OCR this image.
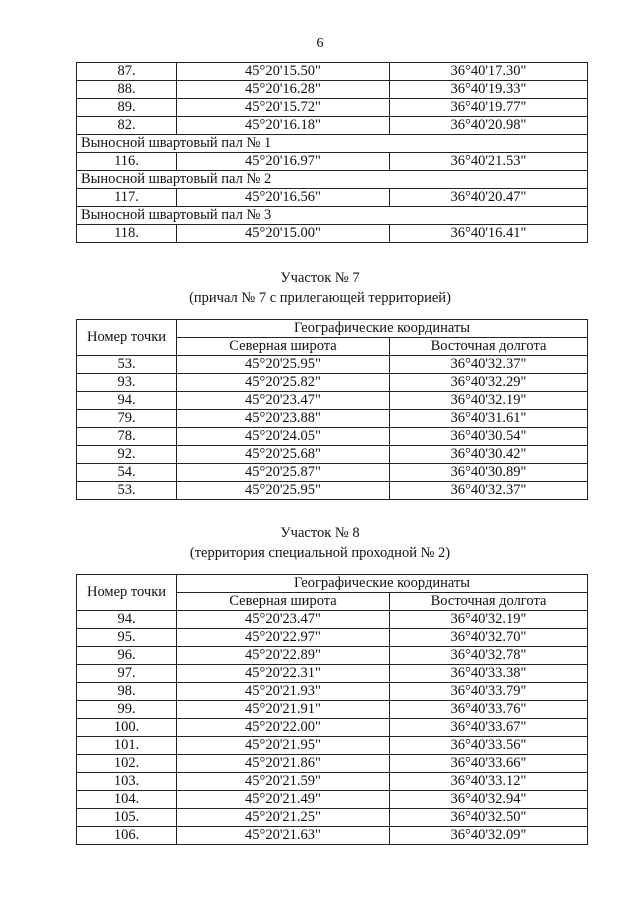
6
87.	45°20'15.50"	36°40'17.30"
88.	45°20'16.28"	36°40'19.33"
89.	45°20'15.72"	36°40'19.77"
82.	45°20'16.18"	36°40'20.98"
Выносной швартовый пал № 1		
116.	45°20'16.97"	36°40'21.53"
Выносной швартовый пал № 2		
117.	45°20'16.56"	36°40'20.47"
Выносной швартовый пал № 3		
118.	45°20'15.00"	36°40'16.41"
Участок № 7
(причал № 7 с прилегающей территорией)
Номер точки	Географические координаты	
	Северная широта	Восточная долгота
53.	45°20'25.95"	36°40'32.37"
93.	45°20'25.82"	36°40'32.29"
94.	45°20'23.47"	36°40'32.19"
79.	45°20'23.88"	36°40'31.61"
78.	45°20'24.05"	36°40'30.54"
92.	45°20'25.68"	36°40'30.42"
54.	45°20'25.87"	36°40'30.89"
53.	45°20'25.95"	36°40'32.37"
Участок № 8
(территория специальной проходной № 2)
Номер точки	Географические координаты	
	Северная широта	Восточная долгота
94.	45°20'23.47"	36°40'32.19"
95.	45°20'22.97"	36°40'32.70"
96.	45°20'22.89"	36°40'32.78"
97.	45°20'22.31"	36°40'33.38"
98.	45°20'21.93"	36°40'33.79"
99.	45°20'21.91"	36°40'33.76"
100.	45°20'22.00"	36°40'33.67"
101.	45°20'21.95"	36°40'33.56"
102.	45°20'21.86"	36°40'33.66"
103.	45°20'21.59"	36°40'33.12"
104.	45°20'21.49"	36°40'32.94"
105.	45°20'21.25"	36°40'32.50"
106.	45°20'21.63"	36°40'32.09"
